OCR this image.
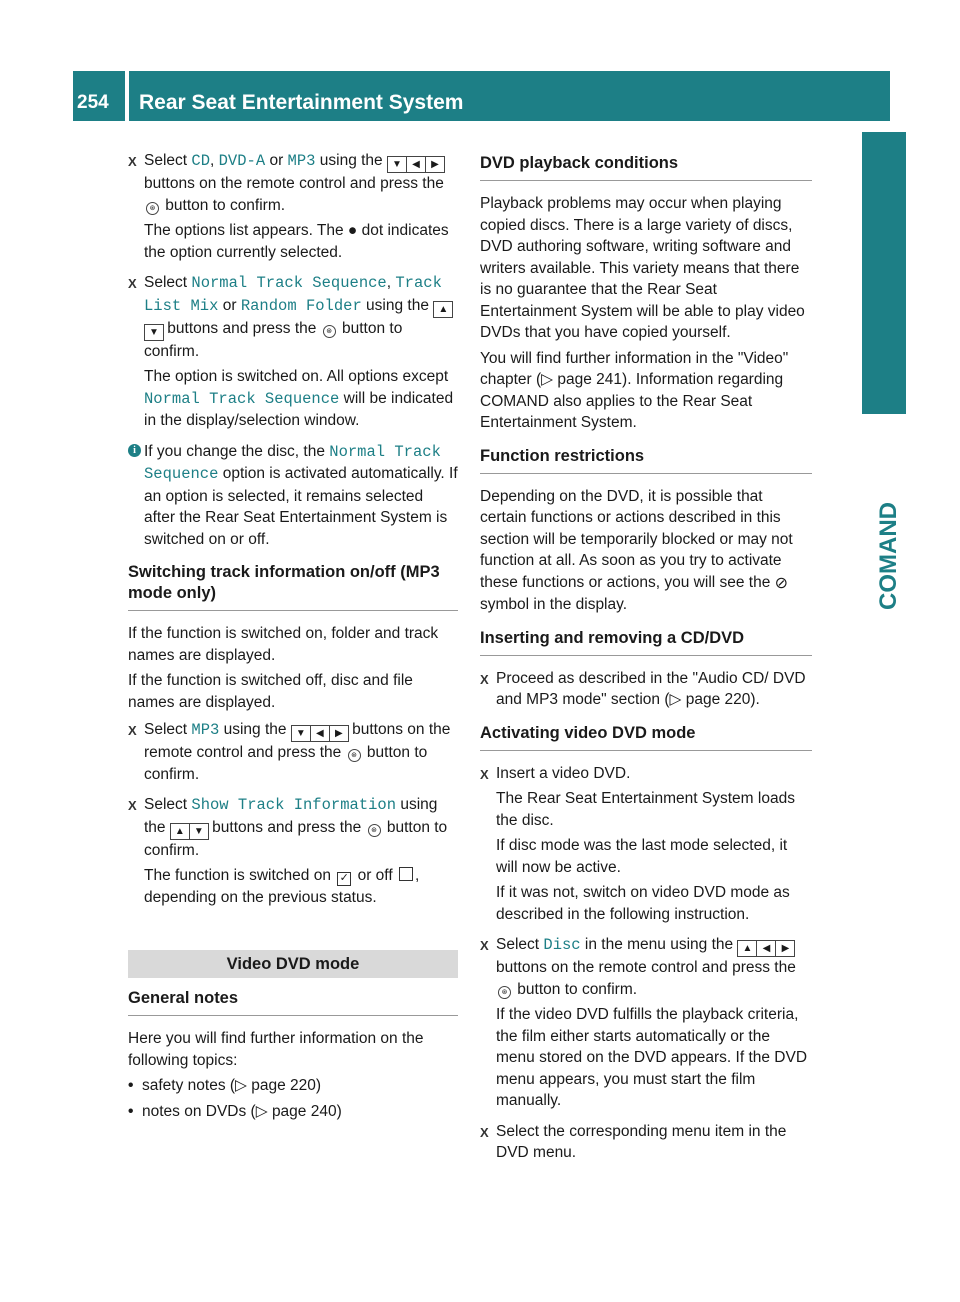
254	Rear Seat Entertainment System
COMAND
X Select CD, DVD-A or MP3 using the ▼ ◀ ▶ buttons on the remote control and press the ⊛ button to confirm.

The options list appears. The ● dot indicates the option currently selected.

X Select Normal Track Sequence, Track List Mix or Random Folder using the ▲▼ buttons and press the ⊛ button to confirm.

The option is switched on. All options except Normal Track Sequence will be indicated in the display/selection window.

i If you change the disc, the Normal Track Sequence option is activated automatically. If an option is selected, it remains selected after the Rear Seat Entertainment System is switched on or off.

Switching track information on/off (MP3 mode only)

If the function is switched on, folder and track names are displayed.

If the function is switched off, disc and file names are displayed.

X Select MP3 using the ▼ ◀ ▶ buttons on the remote control and press the ⊛ button to confirm.

X Select Show Track Information using the ▲ ▼ buttons and press the ⊛ button to confirm.

The function is switched on ✓ or off , depending on the previous status.

Video DVD mode
General notes

Here you will find further information on the following topics:

• safety notes (▷ page 220)
• notes on DVDs (▷ page 240)
DVD playback conditions

Playback problems may occur when playing copied discs. There is a large variety of discs, DVD authoring software, writing software and writers available. This variety means that there is no guarantee that the Rear Seat Entertainment System will be able to play video DVDs that you have copied yourself.

You will find further information in the "Video" chapter (▷ page 241). Information regarding COMAND also applies to the Rear Seat Entertainment System.

Function restrictions

Depending on the DVD, it is possible that certain functions or actions described in this section will be temporarily blocked or may not function at all. As soon as you try to activate these functions or actions, you will see the ⊘symbol in the display.

Inserting and removing a CD/DVD
X Proceed as described in the "Audio CD/ DVD and MP3 mode" section (▷ page 220).

Activating video DVD mode
X Insert a video DVD.

The Rear Seat Entertainment System loads the disc.

If disc mode was the last mode selected, it will now be active.

If it was not, switch on video DVD mode as described in the following instruction.

X Select Disc in the menu using the ▲ ◀ ▶ buttons on the remote control and press the ⊛ button to confirm.

If the video DVD fulfills the playback criteria, the film either starts automatically or the menu stored on the DVD appears. If the DVD menu appears, you must start the film manually.

X Select the corresponding menu item in the DVD menu.
